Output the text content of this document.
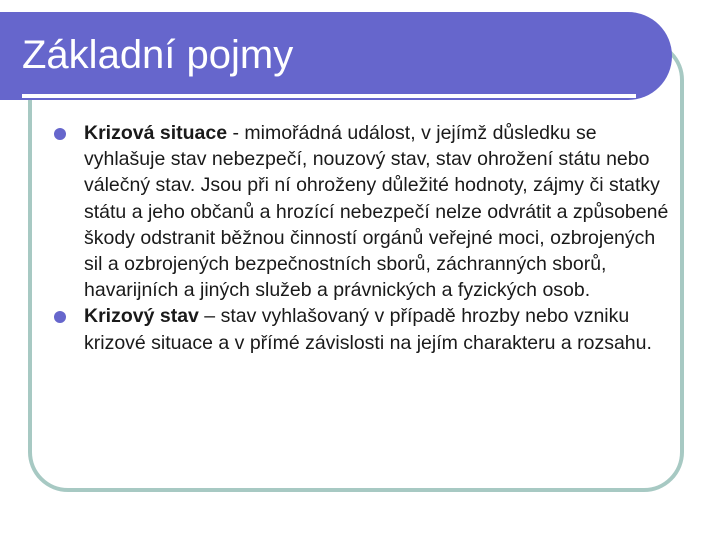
Základní pojmy
Krizová situace - mimořádná událost, v jejímž důsledku se vyhlašuje stav nebezpečí, nouzový stav, stav ohrožení státu nebo válečný stav. Jsou při ní ohroženy důležité hodnoty, zájmy či statky státu a jeho občanů a hrozící nebezpečí nelze odvrátit a způsobené škody odstranit běžnou činností orgánů veřejné moci, ozbrojených sil a ozbrojených bezpečnostních sborů, záchranných sborů, havarijních a jiných služeb a právnických a fyzických osob.
Krizový stav – stav vyhlašovaný v případě hrozby nebo vzniku krizové situace a v přímé závislosti na jejím charakteru a rozsahu.
